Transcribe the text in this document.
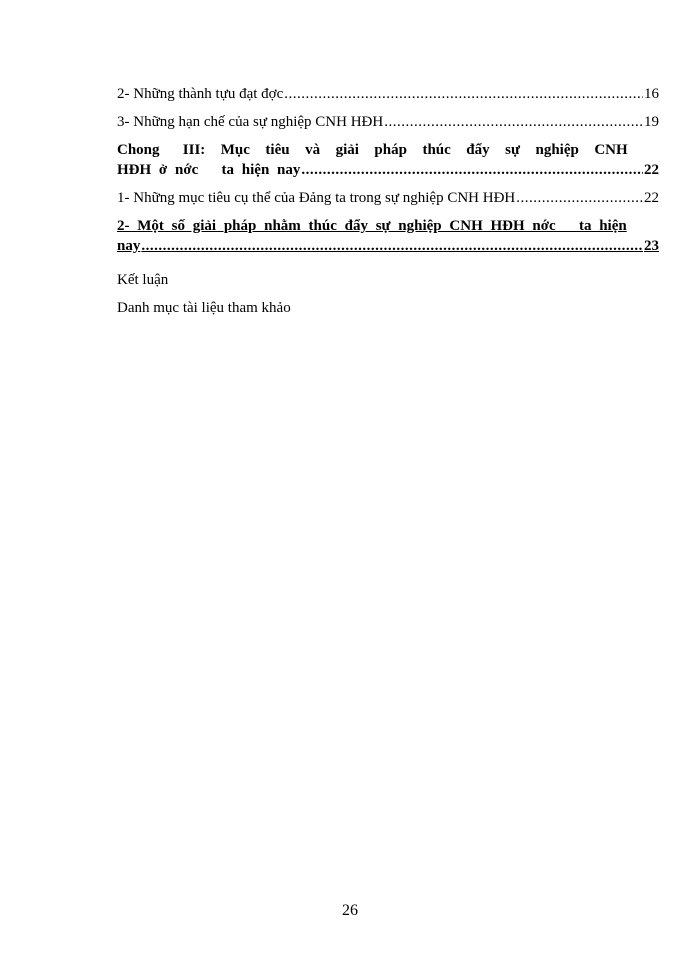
2- Những thành tựu đạt đợc .....	16
3- Những hạn chế của sự nghiệp CNH HĐH .....	19
Chong   III:  Mục  tiêu  và  giải  pháp  thúc  đẩy  sự  nghiệp  CNH
HĐH ở nớc   ta hiện nay .....	22
1- Những mục tiêu cụ thể của Đảng ta trong sự nghiệp CNH HĐH .....	22
2- Một số giải pháp nhằm thúc đẩy sự nghiệp CNH HĐH nớc   ta hiện
nay .....	23
Kết luận
Danh mục tài liệu tham khảo
26
